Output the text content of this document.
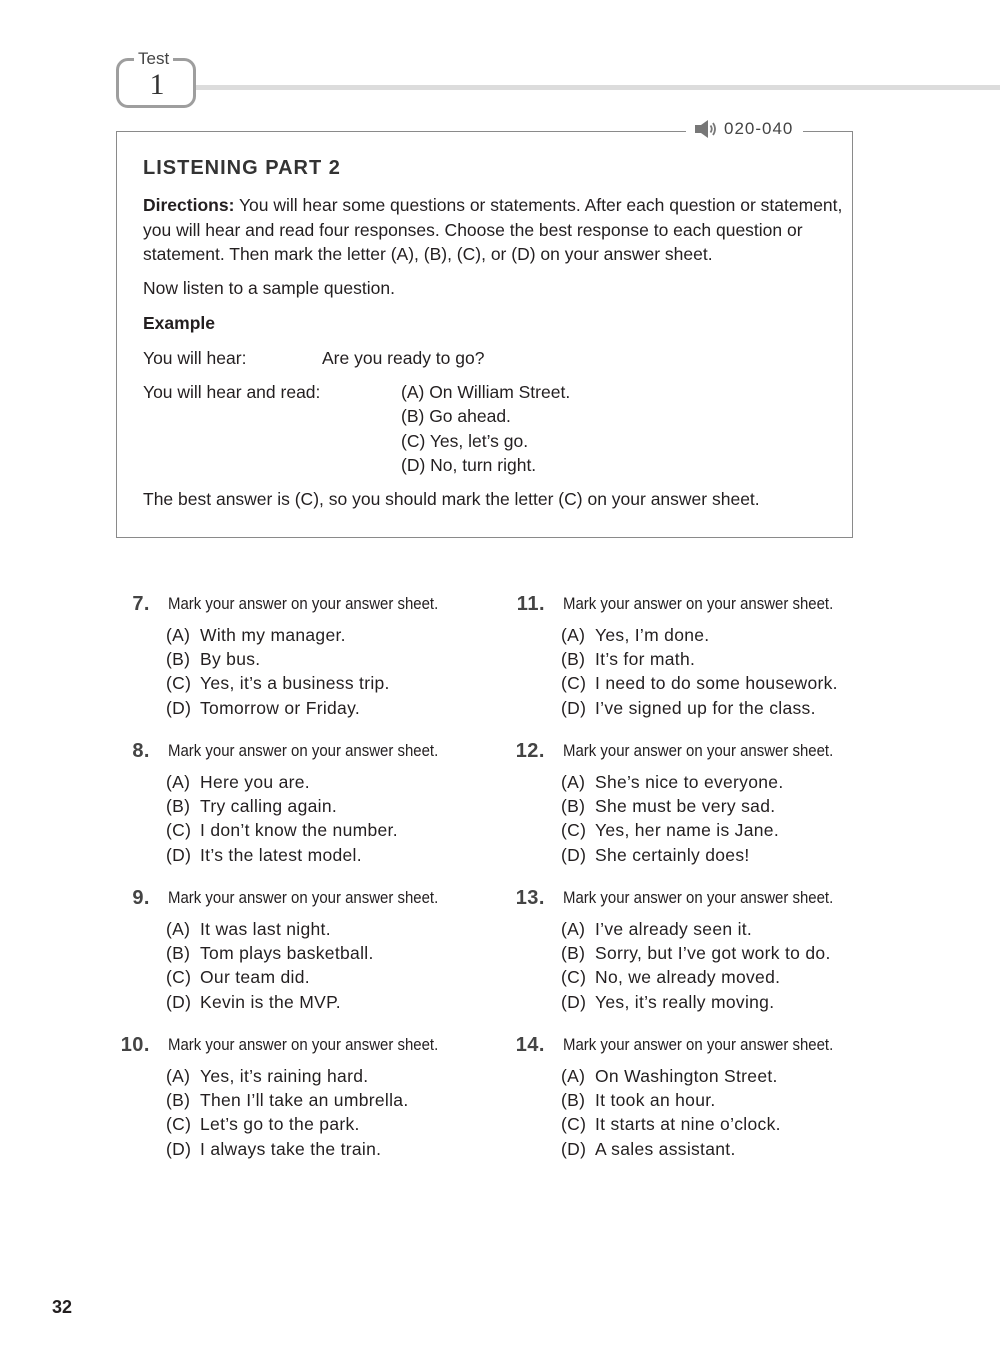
Test
1
020-040
LISTENING PART 2
Directions: You will hear some questions or statements. After each question or statement, you will hear and read four responses. Choose the best response to each question or statement. Then mark the letter (A), (B), (C), or (D) on your answer sheet.
Now listen to a sample question.
Example
You will hear:	Are you ready to go?
You will hear and read:	(A) On William Street.
(B) Go ahead.
(C) Yes, let’s go.
(D) No, turn right.
The best answer is (C), so you should mark the letter (C) on your answer sheet.
7. Mark your answer on your answer sheet.
(A) With my manager.
(B) By bus.
(C) Yes, it’s a business trip.
(D) Tomorrow or Friday.
8. Mark your answer on your answer sheet.
(A) Here you are.
(B) Try calling again.
(C) I don’t know the number.
(D) It’s the latest model.
9. Mark your answer on your answer sheet.
(A) It was last night.
(B) Tom plays basketball.
(C) Our team did.
(D) Kevin is the MVP.
10. Mark your answer on your answer sheet.
(A) Yes, it’s raining hard.
(B) Then I’ll take an umbrella.
(C) Let’s go to the park.
(D) I always take the train.
11. Mark your answer on your answer sheet.
(A) Yes, I’m done.
(B) It’s for math.
(C) I need to do some housework.
(D) I’ve signed up for the class.
12. Mark your answer on your answer sheet.
(A) She’s nice to everyone.
(B) She must be very sad.
(C) Yes, her name is Jane.
(D) She certainly does!
13. Mark your answer on your answer sheet.
(A) I’ve already seen it.
(B) Sorry, but I’ve got work to do.
(C) No, we already moved.
(D) Yes, it’s really moving.
14. Mark your answer on your answer sheet.
(A) On Washington Street.
(B) It took an hour.
(C) It starts at nine o’clock.
(D) A sales assistant.
32
